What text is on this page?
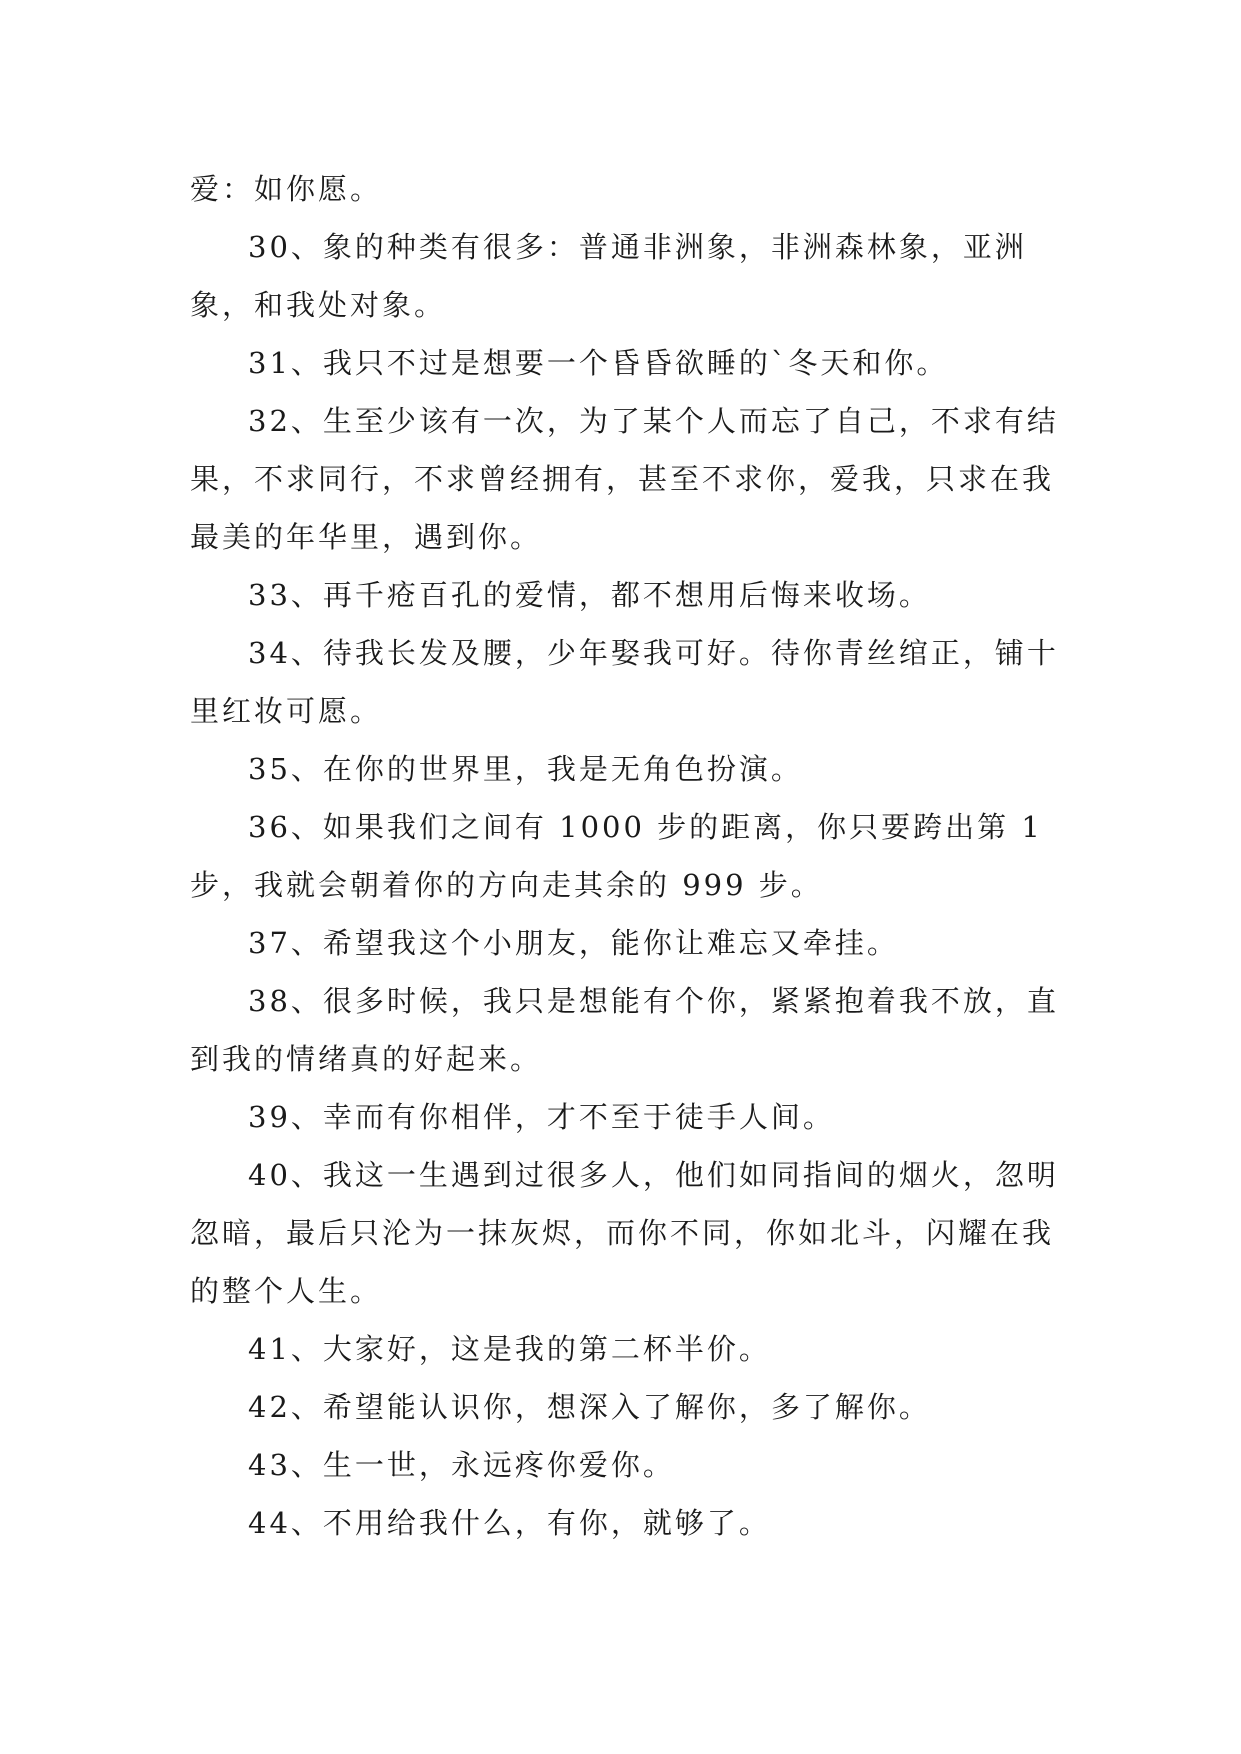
爱：如你愿。

30、象的种类有很多：普通非洲象，非洲森林象，亚洲象，和我处对象。

31、我只不过是想要一个昏昏欲睡的`冬天和你。

32、生至少该有一次，为了某个人而忘了自己，不求有结果，不求同行，不求曾经拥有，甚至不求你，爱我，只求在我最美的年华里，遇到你。

33、再千疮百孔的爱情，都不想用后悔来收场。

34、待我长发及腰，少年娶我可好。待你青丝绾正，铺十里红妆可愿。

35、在你的世界里，我是无角色扮演。

36、如果我们之间有 1000 步的距离，你只要跨出第 1 步，我就会朝着你的方向走其余的 999 步。

37、希望我这个小朋友，能你让难忘又牵挂。

38、很多时候，我只是想能有个你，紧紧抱着我不放，直到我的情绪真的好起来。

39、幸而有你相伴，才不至于徒手人间。

40、我这一生遇到过很多人，他们如同指间的烟火，忽明忽暗，最后只沦为一抹灰烬，而你不同，你如北斗，闪耀在我的整个人生。

41、大家好，这是我的第二杯半价。

42、希望能认识你，想深入了解你，多了解你。

43、生一世，永远疼你爱你。

44、不用给我什么，有你，就够了。
